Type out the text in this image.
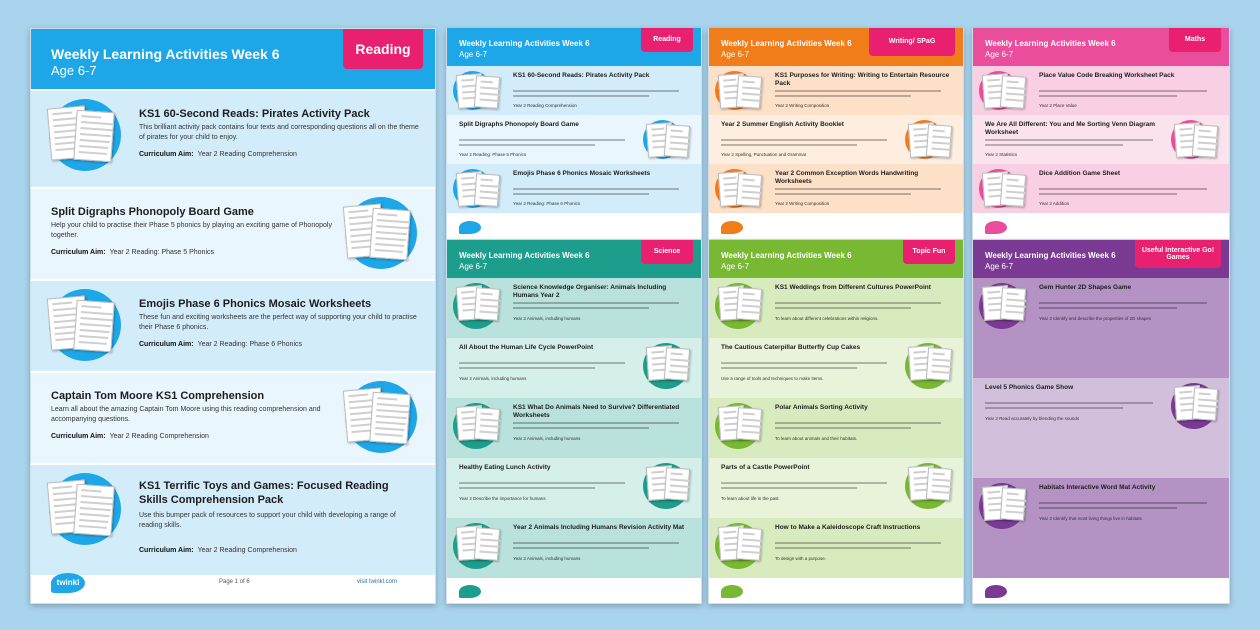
Weekly Learning Activities Week 6
Age 6-7
Reading
KS1 60-Second Reads: Pirates Activity Pack
This brilliant activity pack contains four texts and corresponding questions all on the theme of pirates for your child to enjoy.
Curriculum Aim: Year 2 Reading Comprehension
Split Digraphs Phonopoly Board Game
Help your child to practise their Phase 5 phonics by playing an exciting game of Phonopoly together.
Curriculum Aim: Year 2 Reading: Phase 5 Phonics
Emojis Phase 6 Phonics Mosaic Worksheets
These fun and exciting worksheets are the perfect way of supporting your child to practise their Phase 6 phonics.
Curriculum Aim: Year 2 Reading: Phase 6 Phonics
Captain Tom Moore KS1 Comprehension
Learn all about the amazing Captain Tom Moore using this reading comprehension and accompanying questions.
Curriculum Aim: Year 2 Reading Comprehension
KS1 Terrific Toys and Games: Focused Reading Skills Comprehension Pack
Use this bumper pack of resources to support your child with developing a range of reading skills.
Curriculum Aim: Year 2 Reading Comprehension
twinkl	Page 1 of 6	visit twinkl.com
Weekly Learning Activities Week 6
Age 6-7
Reading
KS1 60-Second Reads: Pirates Activity Pack
Year 2 Reading Comprehension
Split Digraphs Phonopoly Board Game
Year 2 Reading: Phase 5 Phonics
Emojis Phase 6 Phonics Mosaic Worksheets
Year 2 Reading: Phase 6 Phonics
Weekly Learning Activities Week 6
Age 6-7
Writing/ SPaG
KS1 Purposes for Writing: Writing to Entertain Resource Pack
Year 2 Writing Composition
Year 2 Summer English Activity Booklet
Year 2 Spelling, Punctuation and Grammar
Year 2 Common Exception Words Handwriting Worksheets
Year 2 Writing Composition
Weekly Learning Activities Week 6
Age 6-7
Maths
Place Value Code Breaking Worksheet Pack
Year 2 Place Value
We Are All Different: You and Me Sorting Venn Diagram Worksheet
Year 2 Statistics
Dice Addition Game Sheet
Year 2 Addition
Weekly Learning Activities Week 6
Age 6-7
Science
Science Knowledge Organiser: Animals Including Humans Year 2
Year 2 Animals, including humans
All About the Human Life Cycle PowerPoint
Year 2 Animals, including humans
KS1 What Do Animals Need to Survive? Differentiated Worksheets
Year 2 Animals, including humans
Healthy Eating Lunch Activity
Year 2 Describe the importance for humans
Year 2 Animals Including Humans Revision Activity Mat
Year 2 Animals, including humans
Weekly Learning Activities Week 6
Age 6-7
Topic Fun
KS1 Weddings from Different Cultures PowerPoint
To learn about different celebrations within religions.
The Cautious Caterpillar Butterfly Cup Cakes
Use a range of tools and techniques to make items.
Polar Animals Sorting Activity
To learn about animals and their habitats.
Parts of a Castle PowerPoint
To learn about life in the past.
How to Make a Kaleidoscope Craft Instructions
To design with a purpose.
Weekly Learning Activities Week 6
Age 6-7
Useful Interactive Go! Games
Gem Hunter 2D Shapes Game
Year 2 Identify and describe the properties of 2D shapes
Level 5 Phonics Game Show
Year 2 Read accurately by blending the sounds
Habitats Interactive Word Mat Activity
Year 2 Identify that most living things live in habitats
